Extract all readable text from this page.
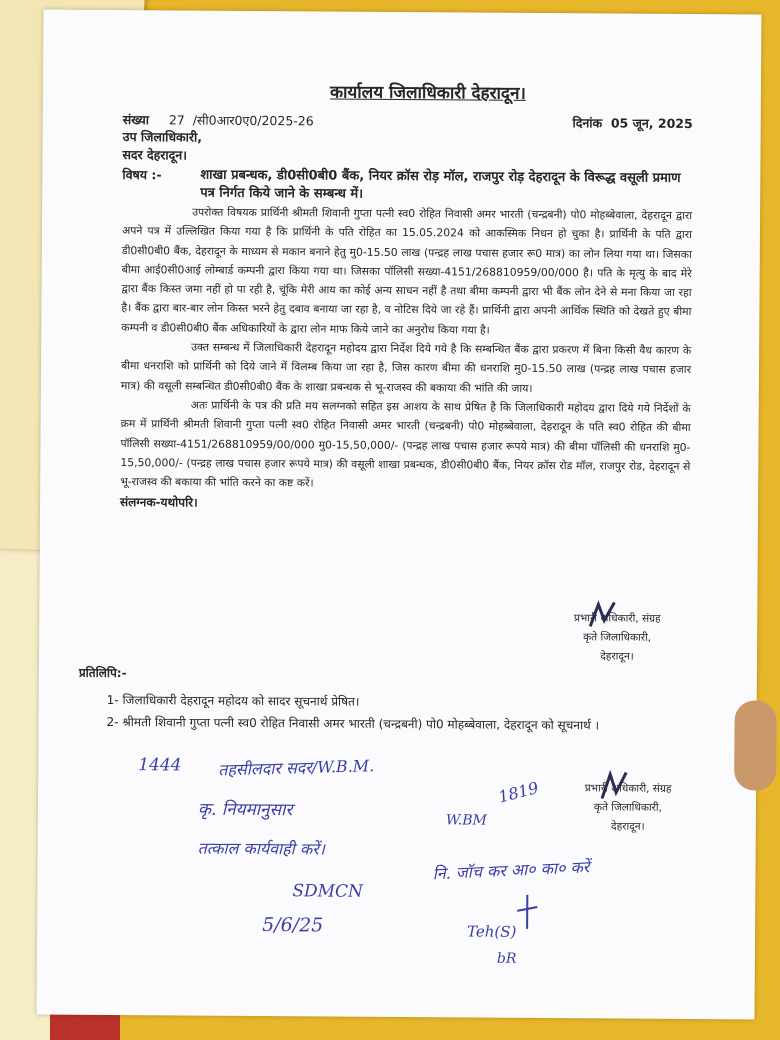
कार्यालय जिलाधिकारी देहरादून।
संख्या 27 /सी0आर0ए0/2025-26	दिनांक 05 जून, 2025
उप जिलाधिकारी,
सदर देहरादून।
विषय :-	शाखा प्रबन्धक, डी0सी0बी0 बैंक, नियर क्रॉस रोड़ मॉल, राजपुर रोड़ देहरादून के विरूद्ध वसूली प्रमाण पत्र निर्गत किये जाने के सम्बन्ध में।

उपरोक्त विषयक प्रार्थिनी श्रीमती शिवानी गुप्ता पत्नी स्व0 रोहित निवासी अमर भारती (चन्द्रबनी) पो0 मोहब्बेवाला, देहरादून द्वारा अपने पत्र में उल्लिखित किया गया है कि प्रार्थिनी के पति रोहित का 15.05.2024 को आकस्मिक निधन हो चुका है। प्रार्थिनी के पति द्वारा डी0सी0बी0 बैंक, देहरादून के माध्यम से मकान बनाने हेतु मु0-15.50 लाख (पन्द्रह लाख पचास हजार रू0 मात्र) का लोन लिया गया था। जिसका बीमा आई0सी0आई लोम्बार्ड कम्पनी द्वारा किया गया था। जिसका पॉलिसी सख्या-4151/268810959/00/000 है। पति के मृत्यु के बाद मेरे द्वारा बैंक किस्त जमा नहीं हो पा रही है, चूंकि मेरी आय का कोई अन्य साधन नहीं है तथा बीमा कम्पनी द्वारा भी बैंक लोन देने से मना किया जा रहा है। बैंक द्वारा बार-बार लोन किस्त भरने हेतु दबाव बनाया जा रहा है, व नोटिस दिये जा रहे हैं। प्रार्थिनी द्वारा अपनी आर्थिक स्थिति को देखते हुए बीमा कम्पनी व डी0सी0बी0 बैंक अधिकारियों के द्वारा लोन माफ किये जाने का अनुरोध किया गया है।

उक्त सम्बन्ध में जिलाधिकारी देहरादून महोदय द्वारा निर्देश दिये गये है कि सम्बन्धित बैंक द्वारा प्रकरण में बिना किसी वैध कारण के बीमा धनराशि को प्रार्थिनी को दिये जाने में विलम्ब किया जा रहा है, जिस कारण बीमा की धनराशि मु0-15.50 लाख (पन्द्रह लाख पचास हजार मात्र) की वसूली सम्बन्धित डी0सी0बी0 बैंक के शाखा प्रबन्धक से भू-राजस्व की बकाया की भांति की जाय।

अतः प्रार्थिनी के पत्र की प्रति मय सलग्नको सहित इस आशय के साथ प्रेषित है कि जिलाधिकारी महोदय द्वारा दिये गये निर्देशों के क्रम में प्रार्थिनी श्रीमती शिवानी गुप्ता पत्नी स्व0 रोहित निवासी अमर भारती (चन्द्रबनी) पो0 मोहब्बेवाला, देहरादून के पति स्व0 रोहित की बीमा पॉलिसी सख्या-4151/268810959/00/000 मु0-15,50,000/- (पन्द्रह लाख पचास हजार रूपये मात्र) की बीमा पॉलिसी की धनराशि मु0-15,50,000/- (पन्द्रह लाख पचास हजार रूपये मात्र) की वसूली शाखा प्रबन्धक, डी0सी0बी0 बैंक, नियर क्रॉस रोड मॉल, राजपुर रोड, देहरादून से भू-राजस्व की बकाया की भांति करने का कष्ट करें।

संलग्नक-यथोपरि।
प्रभारी अधिकारी, संग्रह
कृते जिलाधिकारी,
देहरादून।
प्रतिलिपि:-
1- जिलाधिकारी देहरादून महोदय को सादर सूचनार्थ प्रेषित।
2- श्रीमती शिवानी गुप्ता पत्नी स्व0 रोहित निवासी अमर भारती (चन्द्रबनी) पो0 मोहब्बेवाला, देहरादून को सूचनार्थ ।
प्रभारी अधिकारी, संग्रह
कृते जिलाधिकारी,
देहरादून।
1444 तहसीलदार सदर/W.B.M.
कृ. नियमानुसार
तत्काल कार्यवाही करें।
SDMCN
5/6/25
1819
W.BM
नि. जॉच कर आ० का० करें
Teh(S)
bR
